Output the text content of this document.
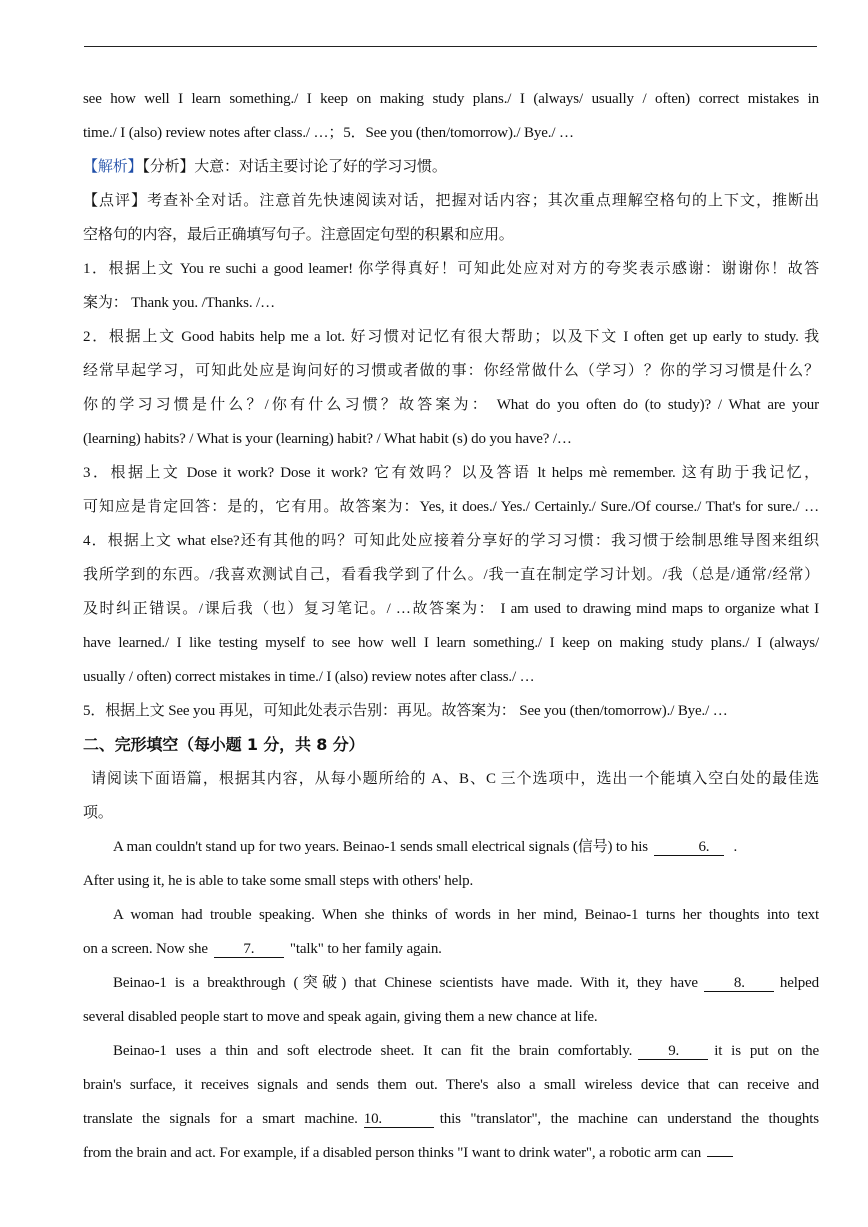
see how well I learn something./ I keep on making study plans./ I (always/ usually / often) correct mistakes in

time./ I (also) review notes after class./ …；5．See you (then/tomorrow)./ Bye./ …

【解析】【分析】大意：对话主要讨论了好的学习习惯。

【点评】考查补全对话。注意首先快速阅读对话，把握对话内容；其次重点理解空格句的上下文，推断出

空格句的内容，最后正确填写句子。注意固定句型的积累和应用。

1．根据上文 You re suchi a good leamer! 你学得真好！可知此处应对对方的夸奖表示感谢：谢谢你！故答

案为： Thank you. /Thanks. /…

2．根据上文 Good habits help me a lot. 好习惯对记忆有很大帮助；以及下文 I often get up early to study. 我

经常早起学习，可知此处应是询问好的习惯或者做的事：你经常做什么（学习）？你的学习习惯是什么？

你的学习习惯是什么？/你有什么习惯？故答案为： What do you often do (to study)? / What are your

(learning) habits? / What is your (learning) habit? / What habit (s) do you have? /…

3．根据上文 Dose it work? Dose it work? 它有效吗？以及答语 lt helps mè remember. 这有助于我记忆，

可知应是肯定回答：是的，它有用。故答案为：Yes, it does./ Yes./ Certainly./ Sure./Of course./ That's for sure./ …

4．根据上文 what else?还有其他的吗？可知此处应接着分享好的学习习惯：我习惯于绘制思维导图来组织

我所学到的东西。/我喜欢测试自己，看看我学到了什么。/我一直在制定学习计划。/我（总是/通常/经常）

及时纠正错误。/课后我（也）复习笔记。/ …故答案为： I am used to drawing mind maps to organize what I

have learned./ I like testing myself to see how well I learn something./ I keep on making study plans./ I (always/

usually / often) correct mistakes in time./ I (also) review notes after class./ …

5．根据上文 See you 再见，可知此处表示告别：再见。故答案为： See you (then/tomorrow)./ Bye./ …

二、完形填空（每小题 1 分，共 8 分）

请阅读下面语篇，根据其内容，从每小题所给的 A、B、C 三个选项中，选出一个能填入空白处的最佳选

项。

A man couldn't stand up for two years. Beinao-1 sends small electrical signals (信号) to his	6. .

After using it, he is able to take some small steps with others' help.

A woman had trouble speaking. When she thinks of words in her mind, Beinao-1 turns her thoughts into text

on a screen. Now she 7. "talk" to her family again.

Beinao-1 is a breakthrough (突破) that Chinese scientists have made. With it, they have 8. helped

several disabled people start to move and speak again, giving them a new chance at life.

Beinao-1 uses a thin and soft electrode sheet. It can fit the brain comfortably. 9. it is put on the

brain's surface, it receives signals and sends them out. There's also a small wireless device that can receive and

translate the signals for a smart machine. 10.	this "translator", the machine can understand the thoughts

from the brain and act. For example, if a disabled person thinks "I want to drink water", a robotic arm can
